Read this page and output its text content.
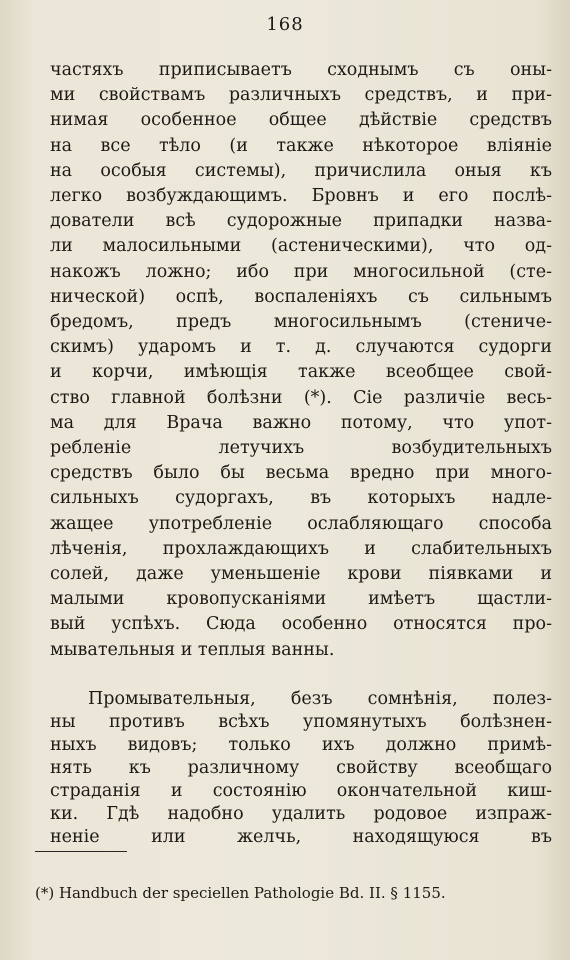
168
частяхъ приписываетъ сходнымъ съ оны-
ми свойствамъ различныхъ средствъ, и при-
нимая особенное общее дѣйствіе средствъ
на все тѣло (и также нѣкоторое вліяніе
на особыя системы), причислила оныя къ
легко возбуждающимъ. Бровнъ и его послѣ-
дователи всѣ судорожные припадки назва-
ли малосильными (астеническими), что од-
накожъ ложно; ибо при многосильной (сте-
нической) оспѣ, воспаленіяхъ съ сильнымъ
бредомъ, предъ многосильнымъ (стениче-
скимъ) ударомъ и т. д. случаются судорги
и корчи, имѣющія также всеобщее свой-
ство главной болѣзни (*). Сіе различіе весь-
ма для Врача важно потому, что упот-
ребленіе летучихъ возбудительныхъ
средствъ было бы весьма вредно при много-
сильныхъ судоргахъ, въ которыхъ надле-
жащее употребленіе ослабляющаго способа
лѣченія, прохлаждающихъ и слабительныхъ
солей, даже уменьшеніе крови піявками и
малыми кровопусканіями имѣетъ щастли-
вый успѣхъ. Сюда особенно относятся про-
мывательныя и теплыя ванны.
Промывательныя, безъ сомнѣнія, полез-
ны противъ всѣхъ упомянутыхъ болѣзнен-
ныхъ видовъ; только ихъ должно примѣ-
нять къ различному свойству всеобщаго
страданія и состоянію окончательной киш-
ки. Гдѣ надобно удалить родовое изпраж-
неніе или желчь, находящуюся въ
(*) Handbuch der speciellen Pathologie Bd. II. § 1155.
